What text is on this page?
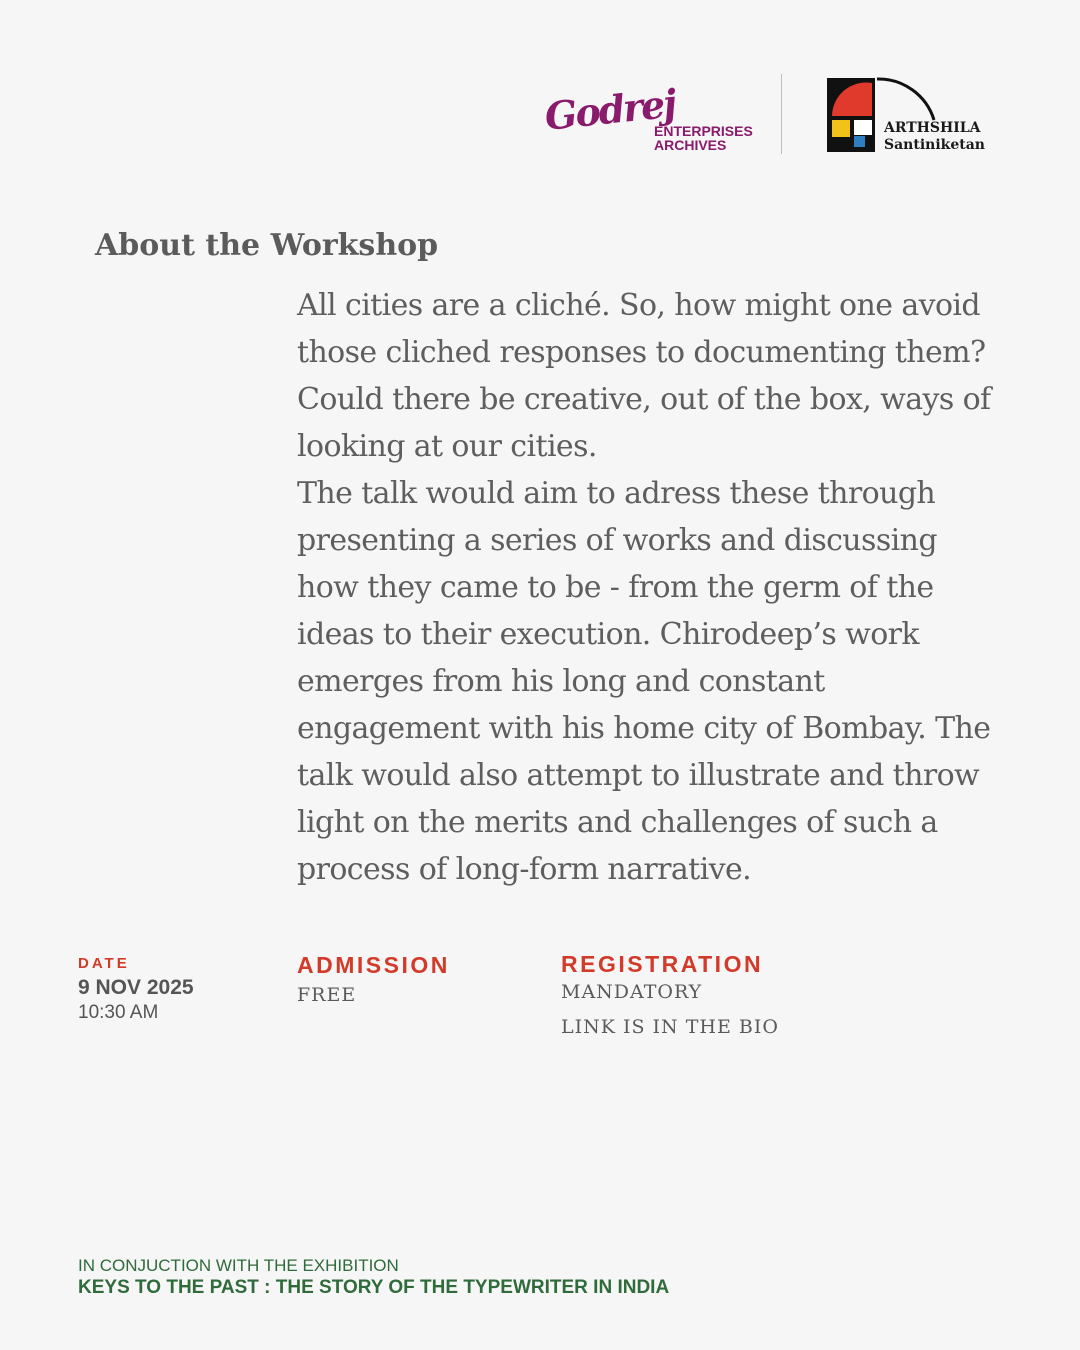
Godrej
ENTERPRISES
ARCHIVES
ARTHSHILA
Santiniketan
About the Workshop

All cities are a cliché. So, how might one avoid those cliched responses to documenting them? Could there be creative, out of the box, ways of looking at our cities.

The talk would aim to adress these through presenting a series of works and discussing how they came to be - from the germ of the ideas to their execution. Chirodeep’s work emerges from his long and constant engagement with his home city of Bombay. The talk would also attempt to illustrate and throw light on the merits and challenges of such a process of long-form narrative.

DATE
9 NOV 2025
10:30 AM
ADMISSION
FREE
REGISTRATION
MANDATORY
LINK IS IN THE BIO
IN CONJUCTION WITH THE EXHIBITION
KEYS TO THE PAST : THE STORY OF THE TYPEWRITER IN INDIA
